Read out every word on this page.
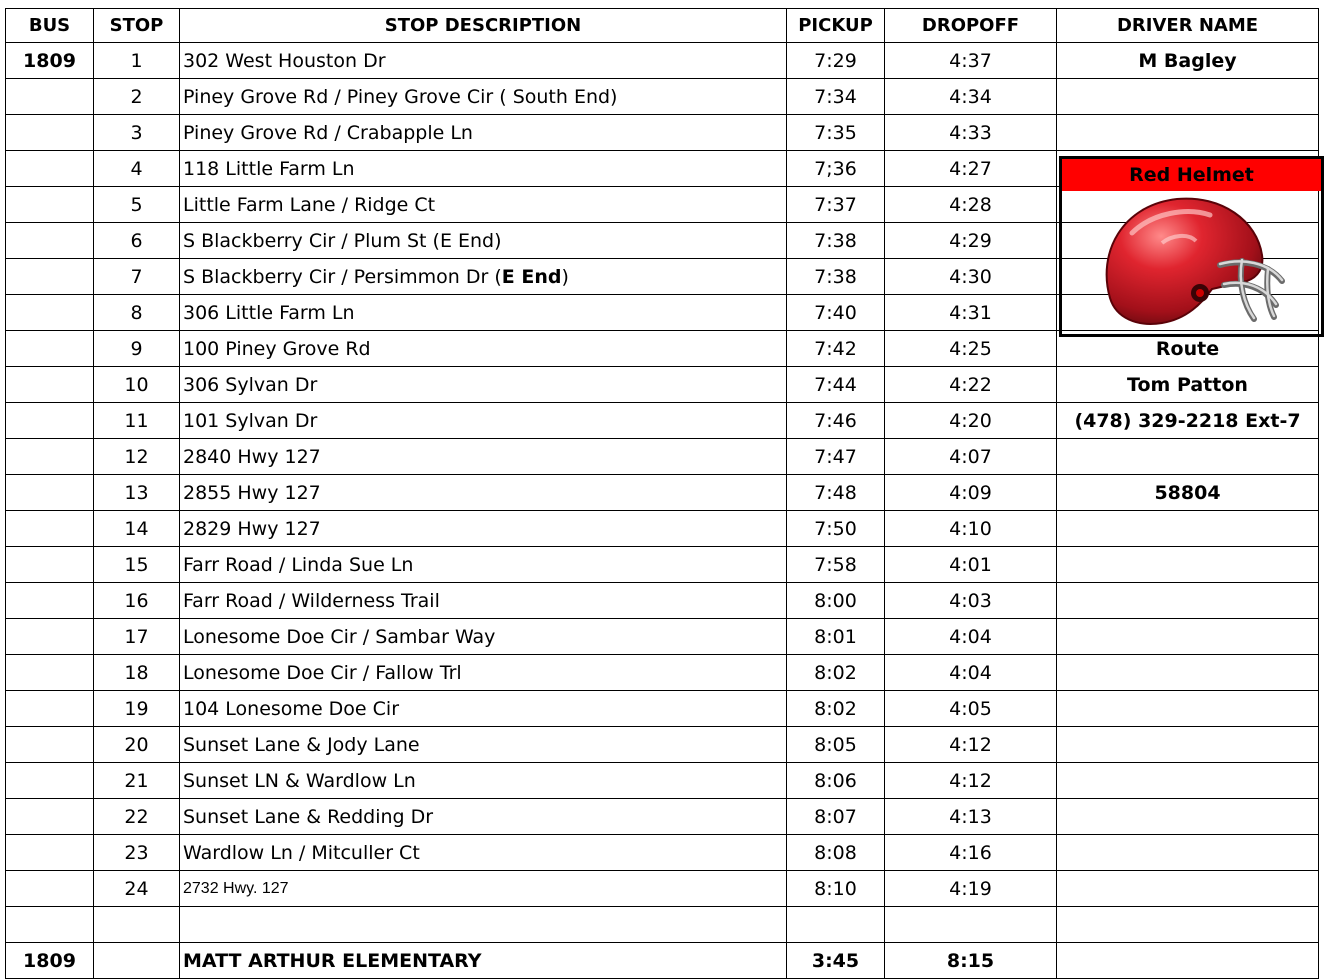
BUS	STOP	STOP DESCRIPTION	PICKUP	DROPOFF	DRIVER NAME
1809	1	302 West Houston Dr	7:29	4:37	M Bagley
	2	Piney Grove Rd / Piney Grove Cir ( South End)	7:34	4:34	
	3	Piney Grove Rd / Crabapple Ln	7:35	4:33	
	4	118 Little Farm Ln	7;36	4:27	
	5	Little Farm Lane / Ridge Ct	7:37	4:28	
	6	S Blackberry Cir / Plum St (E End)	7:38	4:29	
	7	S Blackberry Cir / Persimmon Dr (E End)	7:38	4:30	
	8	306 Little Farm Ln	7:40	4:31	
	9	100 Piney Grove Rd	7:42	4:25	Route
	10	306 Sylvan Dr	7:44	4:22	Tom Patton
	11	101 Sylvan Dr	7:46	4:20	(478) 329-2218 Ext-7
	12	2840 Hwy 127	7:47	4:07	
	13	2855 Hwy 127	7:48	4:09	58804
	14	2829 Hwy 127	7:50	4:10	
	15	Farr Road / Linda Sue Ln	7:58	4:01	
	16	Farr Road / Wilderness Trail	8:00	4:03	
	17	Lonesome Doe Cir / Sambar Way	8:01	4:04	
	18	Lonesome Doe Cir / Fallow Trl	8:02	4:04	
	19	104 Lonesome Doe Cir	8:02	4:05	
	20	Sunset Lane & Jody Lane	8:05	4:12	
	21	Sunset LN & Wardlow Ln	8:06	4:12	
	22	Sunset Lane & Redding Dr	8:07	4:13	
	23	Wardlow Ln / Mitculler Ct	8:08	4:16	
	24	2732 Hwy. 127	8:10	4:19	

1809		MATT ARTHUR ELEMENTARY	3:45	8:15	
Red Helmet
